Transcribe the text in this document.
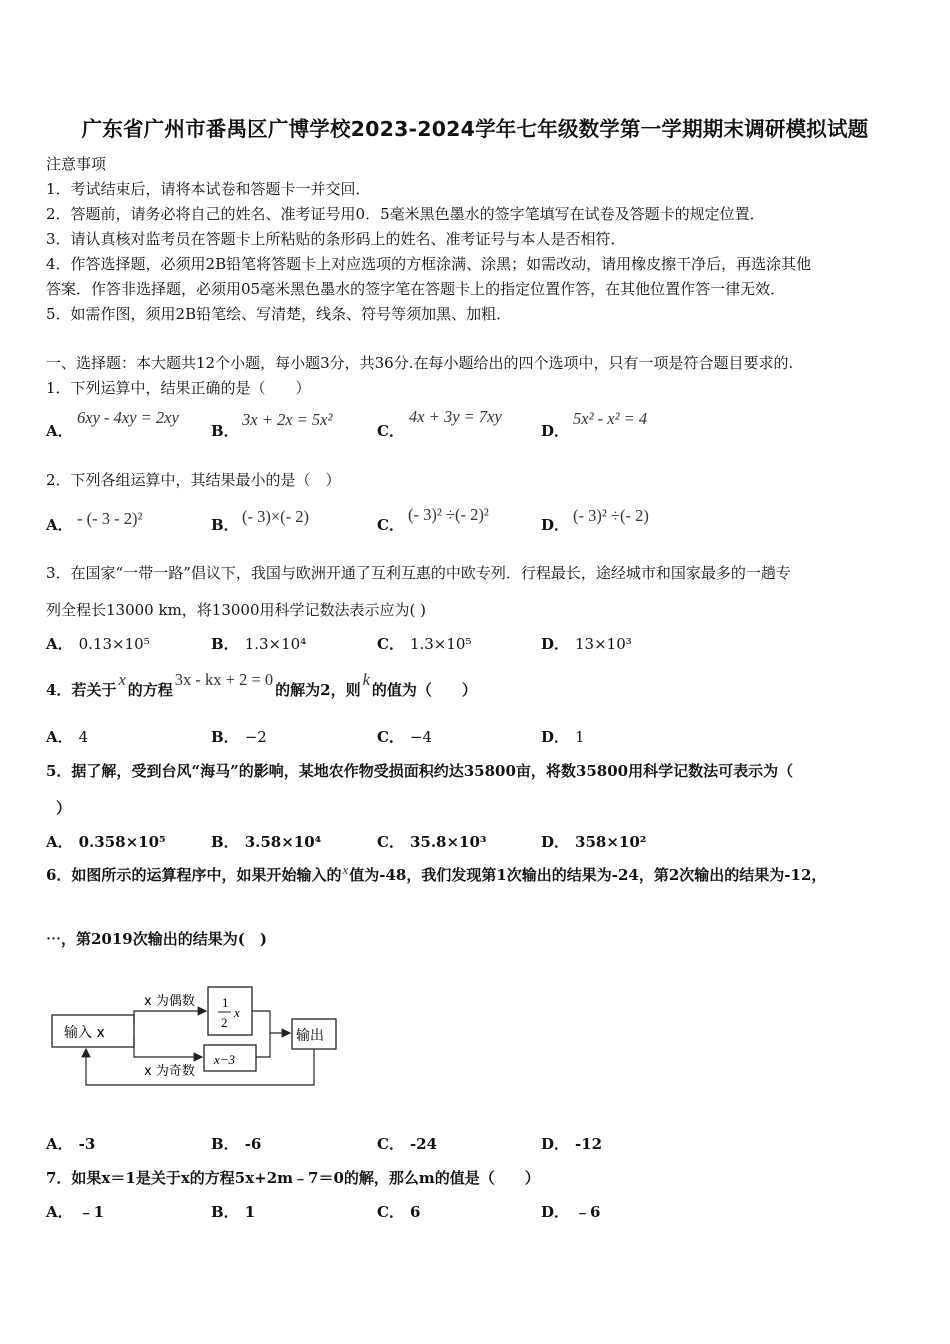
广东省广州市番禺区广博学校2023-2024学年七年级数学第一学期期末调研模拟试题
注意事项
1．考试结束后，请将本试卷和答题卡一并交回．
2．答题前，请务必将自己的姓名、准考证号用0．5毫米黑色墨水的签字笔填写在试卷及答题卡的规定位置．
3．请认真核对监考员在答题卡上所粘贴的条形码上的姓名、准考证号与本人是否相符．
4．作答选择题，必须用2B铅笔将答题卡上对应选项的方框涂满、涂黑；如需改动，请用橡皮擦干净后，再选涂其他
答案．作答非选择题，必须用05毫米黑色墨水的签字笔在答题卡上的指定位置作答，在其他位置作答一律无效．
5．如需作图，须用2B铅笔绘、写清楚，线条、符号等须加黑、加粗．
一、选择题：本大题共12个小题，每小题3分，共36分.在每小题给出的四个选项中，只有一项是符合题目要求的.
1．下列运算中，结果正确的是（　　）
A．
6xy - 4xy = 2xy
B．
3x + 2x = 5x²
C．
4x + 3y = 7xy
D．
5x² - x² = 4
2．下列各组运算中，其结果最小的是（　）
A． - (- 3 - 2)²	B． (- 3)×(- 2)	C．
(- 3)² ÷(- 2)²
D． (- 3)² ÷(- 2)
3．在国家“一带一路”倡议下，我国与欧洲开通了互利互惠的中欧专列．行程最长，途经城市和国家最多的一趟专
列全程长13000 km，将13000用科学记数法表示应为( )
A． 0.13×10⁵	B． 1.3×10⁴	C． 1.3×10⁵	D． 13×10³
4．若关于x的方程3x - kx + 2 = 0的解为2，则k的值为（　　）
A． 4	B． −2	C． −4	D． 1
5．据了解，受到台风“海马”的影响，某地农作物受损面积约达35800亩，将数35800用科学记数法可表示为（
）
A． 0.358×10⁵	B． 3.58×10⁴	C． 35.8×10³	D． 358×10²
6．如图所示的运算程序中，如果开始输入的x值为-48，我们发现第1次输出的结果为-24，第2次输出的结果为-12，
⋯，第2019次输出的结果为(　)
输入 x
x 为偶数
x 为奇数
1
2
x
x−3
输出
A． -3	B． -6	C． -24	D． -12
7．如果x＝1是关于x的方程5x+2m﹣7＝0的解，那么m的值是（　　）
A． ﹣1	B． 1	C． 6	D． ﹣6
